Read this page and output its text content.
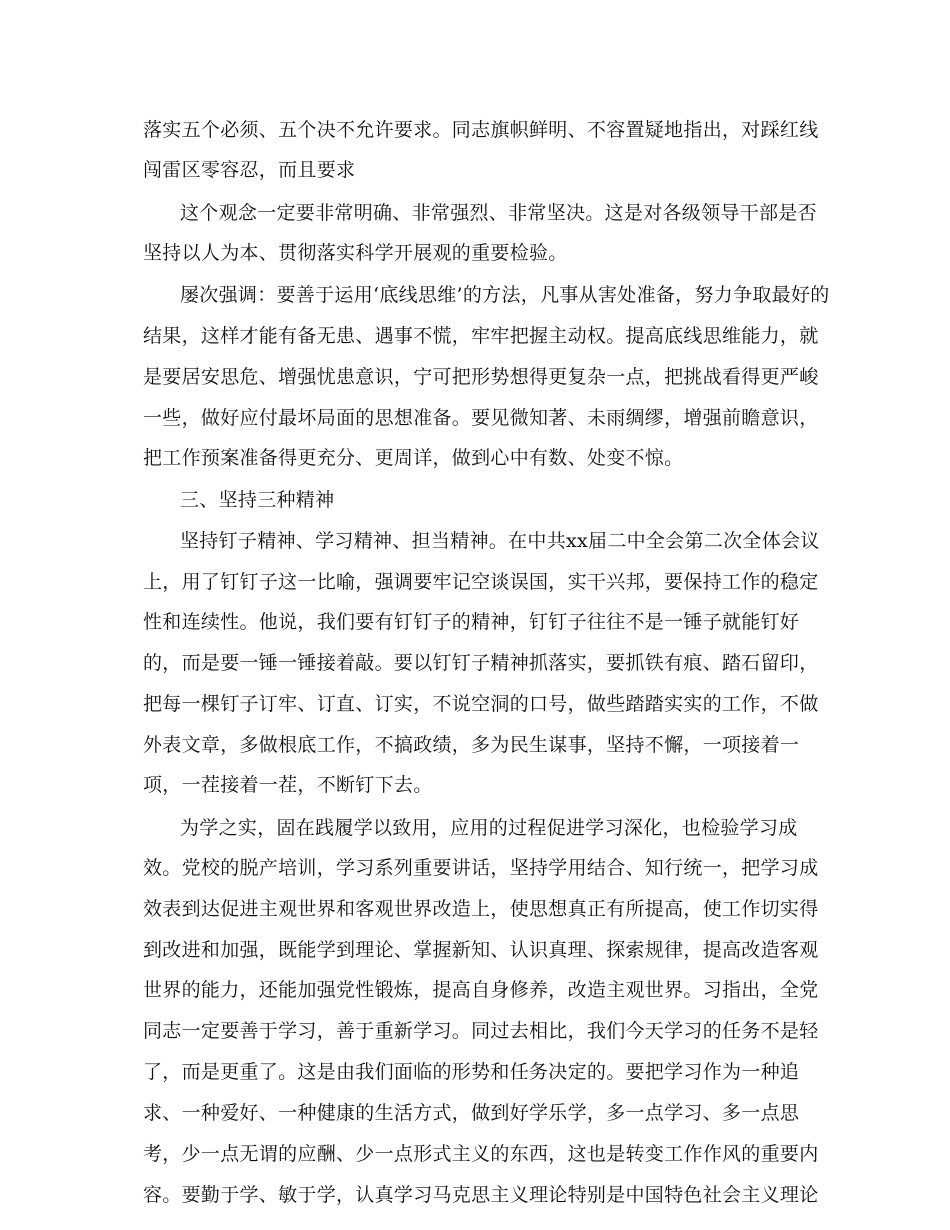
落实五个必须、五个决不允许要求。同志旗帜鲜明、不容置疑地指出，对踩红线
闯雷区零容忍，而且要求
这个观念一定要非常明确、非常强烈、非常坚决。这是对各级领导干部是否
坚持以人为本、贯彻落实科学开展观的重要检验。
屡次强调：要善于运用‘底线思维’的方法，凡事从害处准备，努力争取最好的
结果，这样才能有备无患、遇事不慌，牢牢把握主动权。提高底线思维能力，就
是要居安思危、增强忧患意识，宁可把形势想得更复杂一点，把挑战看得更严峻
一些，做好应付最坏局面的思想准备。要见微知著、未雨绸缪，增强前瞻意识，
把工作预案准备得更充分、更周详，做到心中有数、处变不惊。
三、坚持三种精神
坚持钉子精神、学习精神、担当精神。在中共xx届二中全会第二次全体会议
上，用了钉钉子这一比喻，强调要牢记空谈误国，实干兴邦，要保持工作的稳定
性和连续性。他说，我们要有钉钉子的精神，钉钉子往往不是一锤子就能钉好
的，而是要一锤一锤接着敲。要以钉钉子精神抓落实，要抓铁有痕、踏石留印，
把每一棵钉子订牢、订直、订实，不说空洞的口号，做些踏踏实实的工作，不做
外表文章，多做根底工作，不搞政绩，多为民生谋事，坚持不懈，一项接着一
项，一茬接着一茬，不断钉下去。
为学之实，固在践履学以致用，应用的过程促进学习深化，也检验学习成
效。党校的脱产培训，学习系列重要讲话，坚持学用结合、知行统一，把学习成
效表到达促进主观世界和客观世界改造上，使思想真正有所提高，使工作切实得
到改进和加强，既能学到理论、掌握新知、认识真理、探索规律，提高改造客观
世界的能力，还能加强党性锻炼，提高自身修养，改造主观世界。习指出，全党
同志一定要善于学习，善于重新学习。同过去相比，我们今天学习的任务不是轻
了，而是更重了。这是由我们面临的形势和任务决定的。要把学习作为一种追
求、一种爱好、一种健康的生活方式，做到好学乐学，多一点学习、多一点思
考，少一点无谓的应酬、少一点形式主义的东西，这也是转变工作作风的重要内
容。要勤于学、敏于学，认真学习马克思主义理论特别是中国特色社会主义理论
